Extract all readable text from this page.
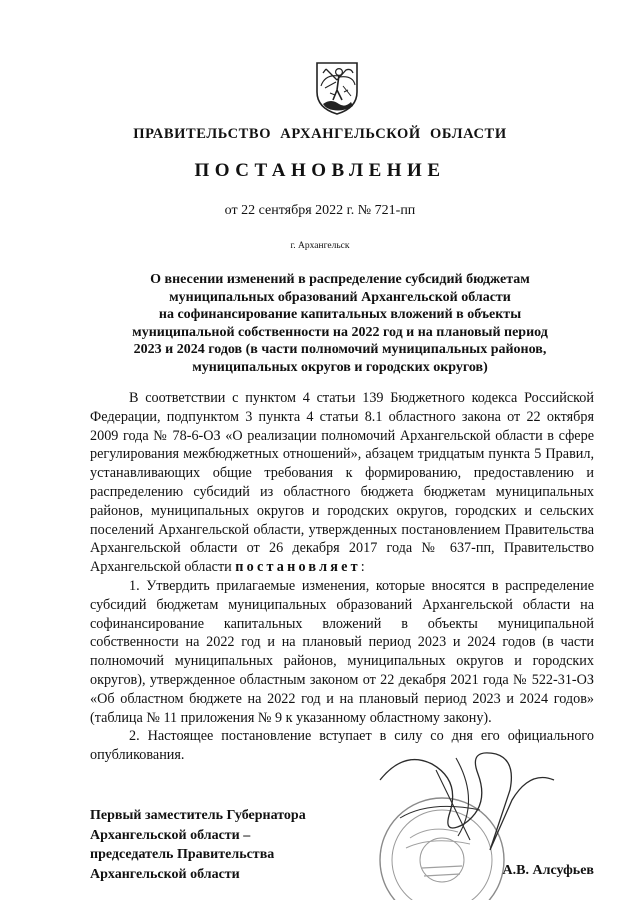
ПРАВИТЕЛЬСТВО АРХАНГЕЛЬСКОЙ ОБЛАСТИ
ПОСТАНОВЛЕНИЕ
от 22 сентября 2022 г. № 721-пп
г. Архангельск
О внесении изменений в распределение субсидий бюджетам
муниципальных образований Архангельской области
на софинансирование капитальных вложений в объекты
муниципальной собственности на 2022 год и на плановый период
2023 и 2024 годов (в части полномочий муниципальных районов,
муниципальных округов и городских округов)

В соответствии с пунктом 4 статьи 139 Бюджетного кодекса Российской Федерации, подпунктом 3 пункта 4 статьи 8.1 областного закона от 22 октября 2009 года № 78-6-ОЗ «О реализации полномочий Архангельской области в сфере регулирования межбюджетных отношений», абзацем тридцатым пункта 5 Правил, устанавливающих общие требования к формированию, предоставлению и распределению субсидий из областного бюджета бюджетам муниципальных районов, муниципальных округов и городских округов, городских и сельских поселений Архангельской области, утвержденных постановлением Правительства Архангельской области от 26 декабря 2017 года № 637-пп, Правительство Архангельской области постановляет:

1. Утвердить прилагаемые изменения, которые вносятся в распределение субсидий бюджетам муниципальных образований Архангельской области на софинансирование капитальных вложений в объекты муниципальной собственности на 2022 год и на плановый период 2023 и 2024 годов (в части полномочий муниципальных районов, муниципальных округов и городских округов), утвержденное областным законом от 22 декабря 2021 года № 522-31-ОЗ «Об областном бюджете на 2022 год и на плановый период 2023 и 2024 годов» (таблица № 11 приложения № 9 к указанному областному закону).

2. Настоящее постановление вступает в силу со дня его официального опубликования.

Первый заместитель Губернатора
Архангельской области –
председатель Правительства
Архангельской области	А.В. Алсуфьев
